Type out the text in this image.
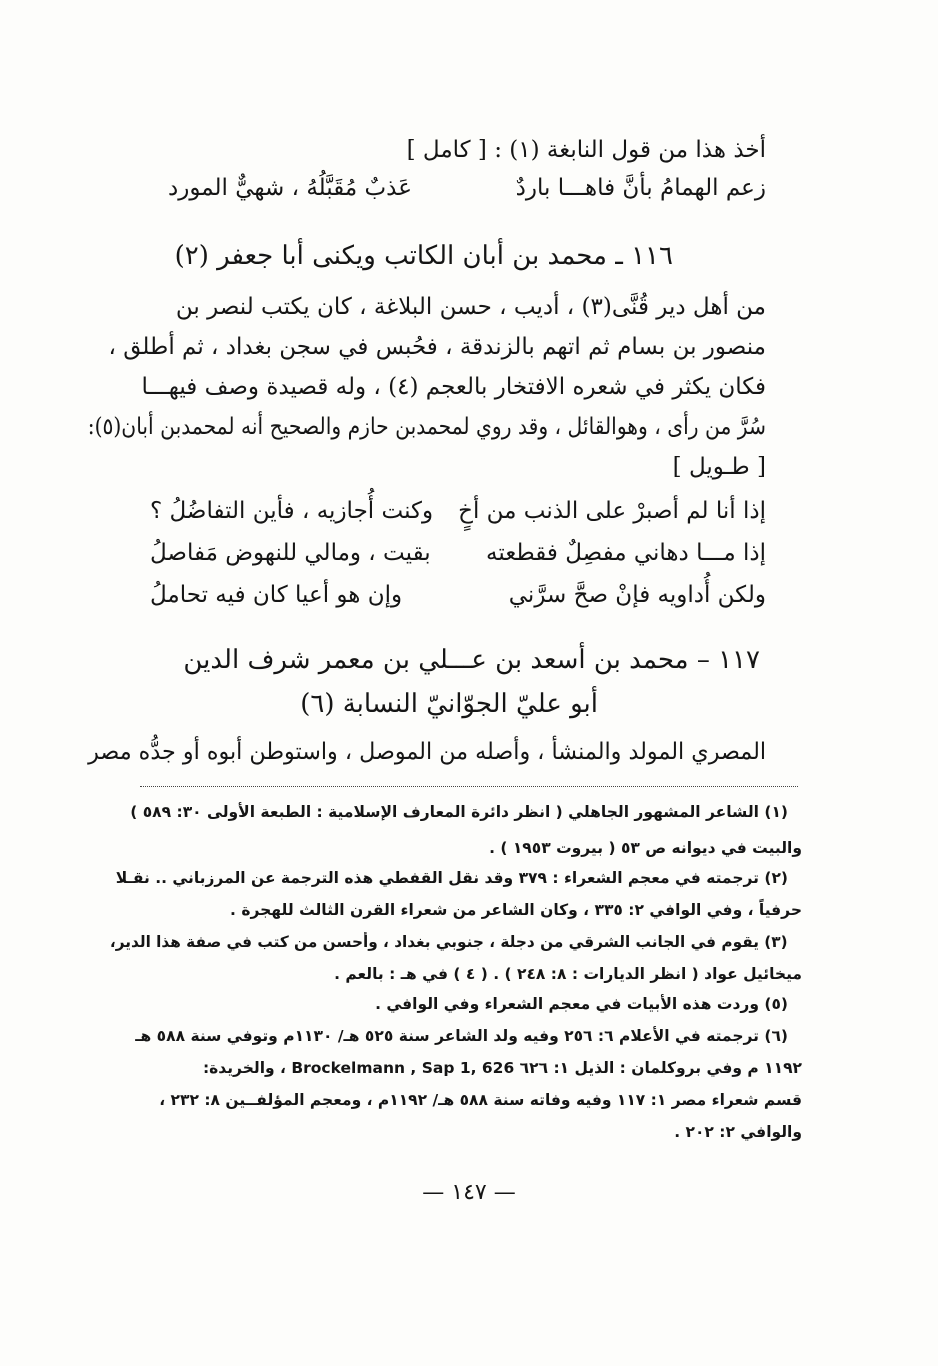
أخذ هذا من قول النابغة (١) : [ كامل ]
زعم الهمامُ بأنَّ فاهـــا باردٌ
عَذبٌ مُقَبَّلُهُ ، شهيٌّ المورد
١١٦ ـ محمد بن أبان الكاتب ويكنى أبا جعفر (٢)
من أهل دير قُنَّى(٣) ، أديب ، حسن البلاغة ، كان يكتب لنصر بن
منصور بن بسام ثم اتهم بالزندقة ، فحُبس في سجن بغداد ، ثم أطلق ،
فكان يكثر في شعره الافتخار بالعجم (٤) ، وله قصيدة وصف فيهـــا
سُرَّ من رأى ، وهوالقائل ، وقد روي لمحمدبن حازم والصحيح أنه لمحمدبن أبان(٥):
[ طـويل ]
إذا أنا لم أصبرْ على الذنب من أخٍ
وكنت أُجازيه ، فأين التفاضُلُ ؟
إذا مـــا دهاني مفصِلٌ فقطعته
بقيت ، ومالي للنهوض مَفاصلُ
ولكن أُداويه فإنْ صحَّ سرَّني
وإن هو أعيا كان فيه تحاملُ
١١٧ – محمد بن أسعد بن عـــلي بن معمر شرف الدين
أبو عليّ الجوّانيّ النسابة (٦)
المصري المولد والمنشأ ، وأصله من الموصل ، واستوطن أبوه أو جدُّه مصر
(١) الشاعر المشهور الجاهلي ( انظر دائرة المعارف الإسلامية : الطبعة الأولى ٣٠: ٥٨٩ )
والبيت في ديوانه ص ٥٣ ( بيروت ١٩٥٣ ) .
(٢) ترجمته في معجم الشعراء : ٣٧٩ وقد نقل القفطي هذه الترجمة عن المرزباني .. نقـلا
حرفياً ، وفي الوافي ٢: ٣٣٥ ، وكان الشاعر من شعراء القرن الثالث للهجرة .
(٣) يقوم في الجانب الشرقي من دجلة ، جنوبي بغداد ، وأحسن من كتب في صفة هذا الدير،
ميخائيل عواد ( انظر الديارات : ٨: ٢٤٨ ) . ( ٤ ) في هـ : بالعم .
(٥) وردت هذه الأبيات في معجم الشعراء وفي الوافي .
(٦) ترجمته في الأعلام ٦: ٢٥٦ وفيه ولد الشاعر سنة ٥٢٥ هـ/ ١١٣٠م وتوفي سنة ٥٨٨ هـ
١١٩٢ م وفي بروكلمان : الذيل ١: ٦٢٦ Brockelmann , Sap 1, 626 ، والخريدة:
قسم شعراء مصر ١: ١١٧ وفيه وفاته سنة ٥٨٨ هـ/ ١١٩٢م ، ومعجم المؤلفــين ٨: ٢٣٢ ،
والوافي ٢: ٢٠٢ .
— ١٤٧ —
